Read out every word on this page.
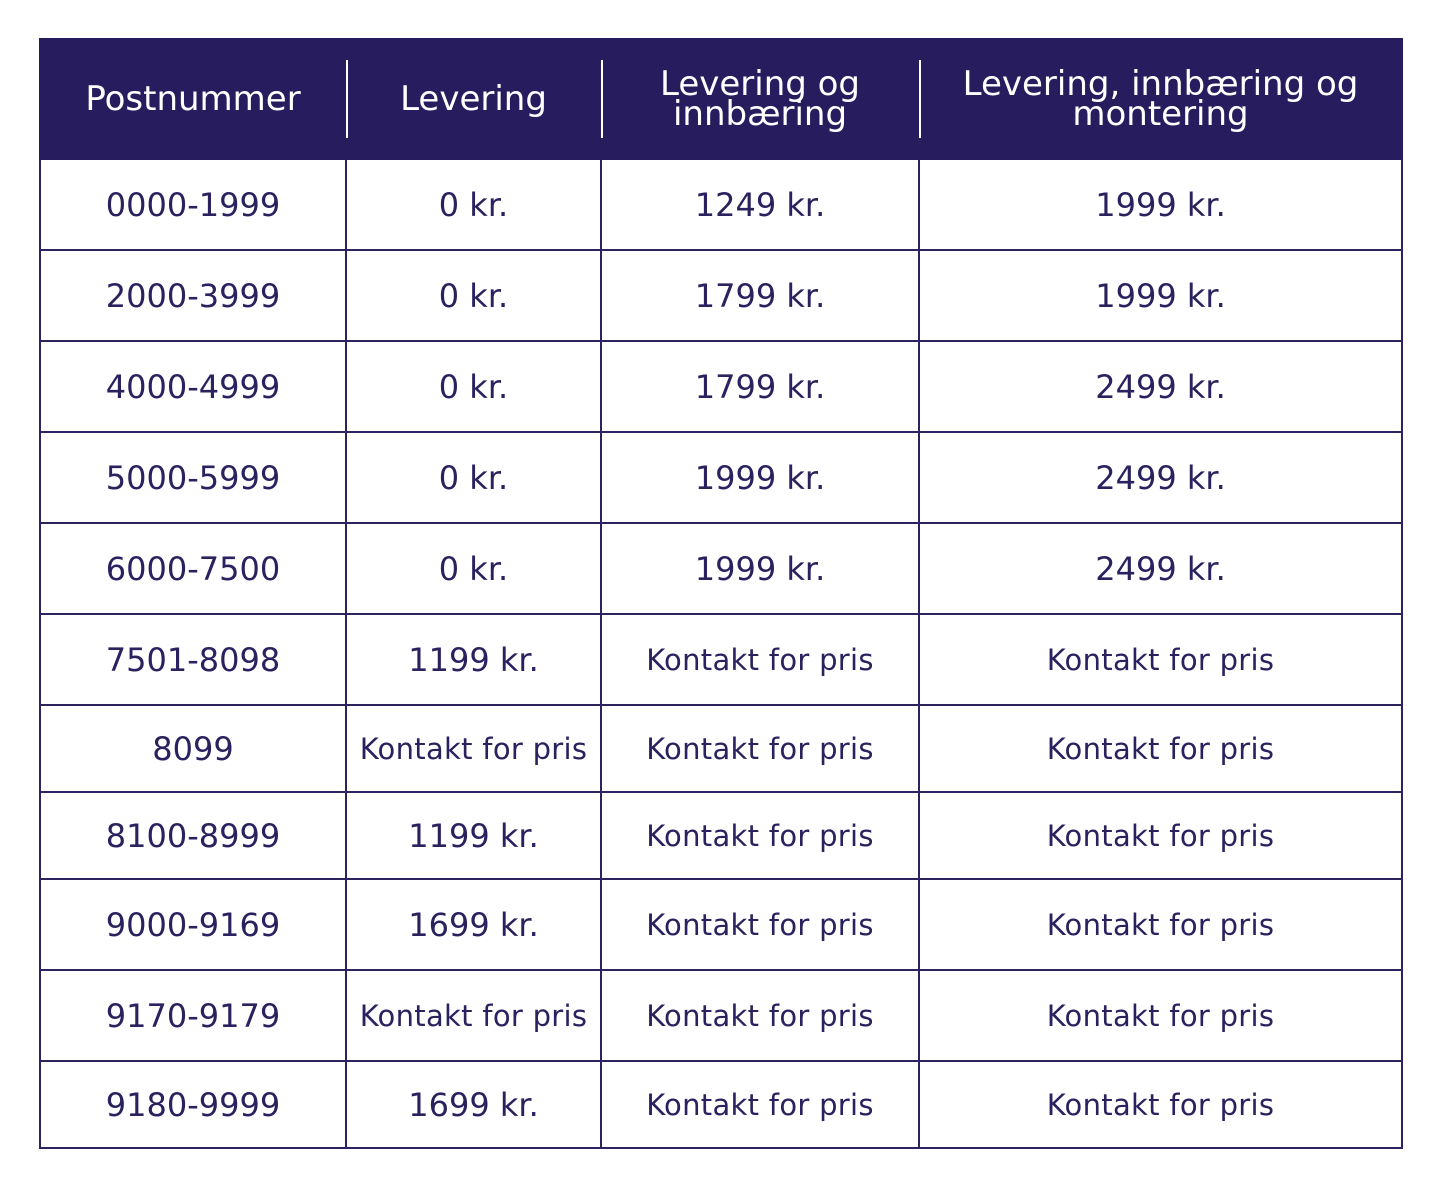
Postnummer	Levering	Levering og innbæring	Levering, innbæring og montering

0000-1999	0 kr.	1249 kr.	1999 kr.
2000-3999	0 kr.	1799 kr.	1999 kr.
4000-4999	0 kr.	1799 kr.	2499 kr.
5000-5999	0 kr.	1999 kr.	2499 kr.
6000-7500	0 kr.	1999 kr.	2499 kr.
7501-8098	1199 kr.	Kontakt for pris	Kontakt for pris
8099	Kontakt for pris	Kontakt for pris	Kontakt for pris
8100-8999	1199 kr.	Kontakt for pris	Kontakt for pris
9000-9169	1699 kr.	Kontakt for pris	Kontakt for pris
9170-9179	Kontakt for pris	Kontakt for pris	Kontakt for pris
9180-9999	1699 kr.	Kontakt for pris	Kontakt for pris
